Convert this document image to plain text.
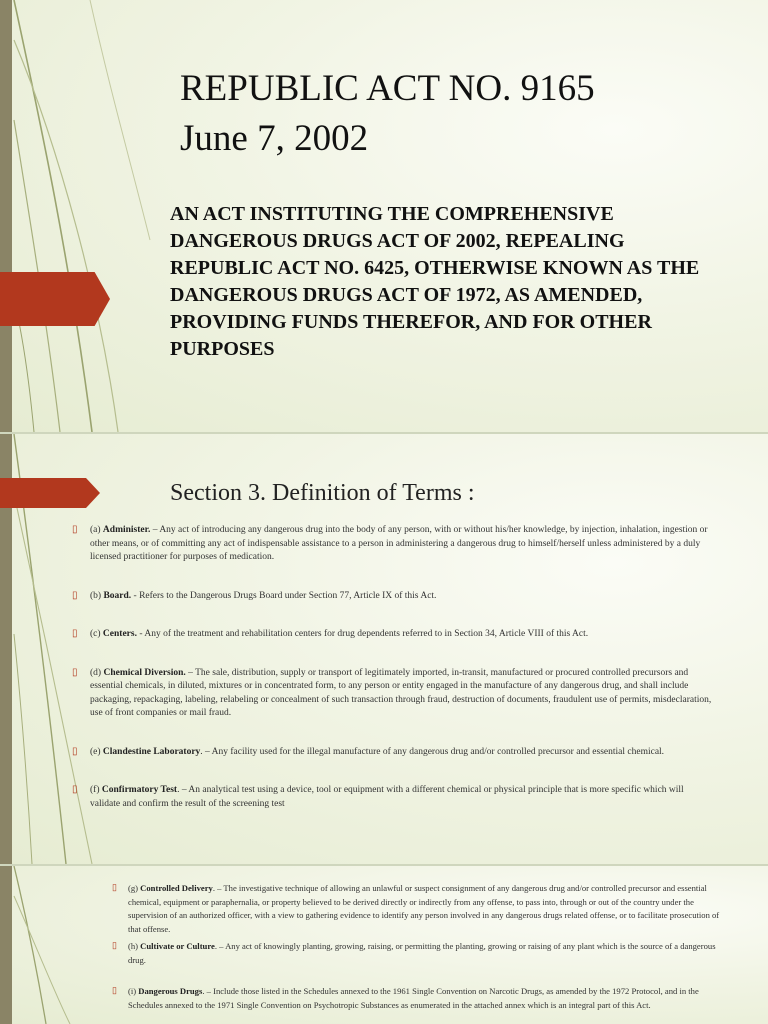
REPUBLIC ACT NO. 9165
June 7, 2002

AN ACT INSTITUTING THE COMPREHENSIVE DANGEROUS DRUGS ACT OF 2002, REPEALING REPUBLIC ACT NO. 6425, OTHERWISE KNOWN AS THE DANGEROUS DRUGS ACT OF 1972, AS AMENDED, PROVIDING FUNDS THEREFOR, AND FOR OTHER PURPOSES

Section 3. Definition of Terms :
▯ (a) Administer. – Any act of introducing any dangerous drug into the body of any person, with or without his/her knowledge, by injection, inhalation, ingestion or other means, or of committing any act of indispensable assistance to a person in administering a dangerous drug to himself/herself unless administered by a duly licensed practitioner for purposes of medication.
▯ (b) Board. - Refers to the Dangerous Drugs Board under Section 77, Article IX of this Act.
▯ (c) Centers. - Any of the treatment and rehabilitation centers for drug dependents referred to in Section 34, Article VIII of this Act.
▯ (d) Chemical Diversion. – The sale, distribution, supply or transport of legitimately imported, in-transit, manufactured or procured controlled precursors and essential chemicals, in diluted, mixtures or in concentrated form, to any person or entity engaged in the manufacture of any dangerous drug, and shall include packaging, repackaging, labeling, relabeling or concealment of such transaction through fraud, destruction of documents, fraudulent use of permits, misdeclaration, use of front companies or mail fraud.
▯ (e) Clandestine Laboratory. – Any facility used for the illegal manufacture of any dangerous drug and/or controlled precursor and essential chemical.
▯ (f) Confirmatory Test. – An analytical test using a device, tool or equipment with a different chemical or physical principle that is more specific which will validate and confirm the result of the screening test
▯ (g) Controlled Delivery. – The investigative technique of allowing an unlawful or suspect consignment of any dangerous drug and/or controlled precursor and essential chemical, equipment or paraphernalia, or property believed to be derived directly or indirectly from any offense, to pass into, through or out of the country under the supervision of an authorized officer, with a view to gathering evidence to identify any person involved in any dangerous drugs related offense, or to facilitate prosecution of that offense.
▯ (h) Cultivate or Culture. – Any act of knowingly planting, growing, raising, or permitting the planting, growing or raising of any plant which is the source of a dangerous drug.
▯ (i) Dangerous Drugs. – Include those listed in the Schedules annexed to the 1961 Single Convention on Narcotic Drugs, as amended by the 1972 Protocol, and in the Schedules annexed to the 1971 Single Convention on Psychotropic Substances as enumerated in the attached annex which is an integral part of this Act.
